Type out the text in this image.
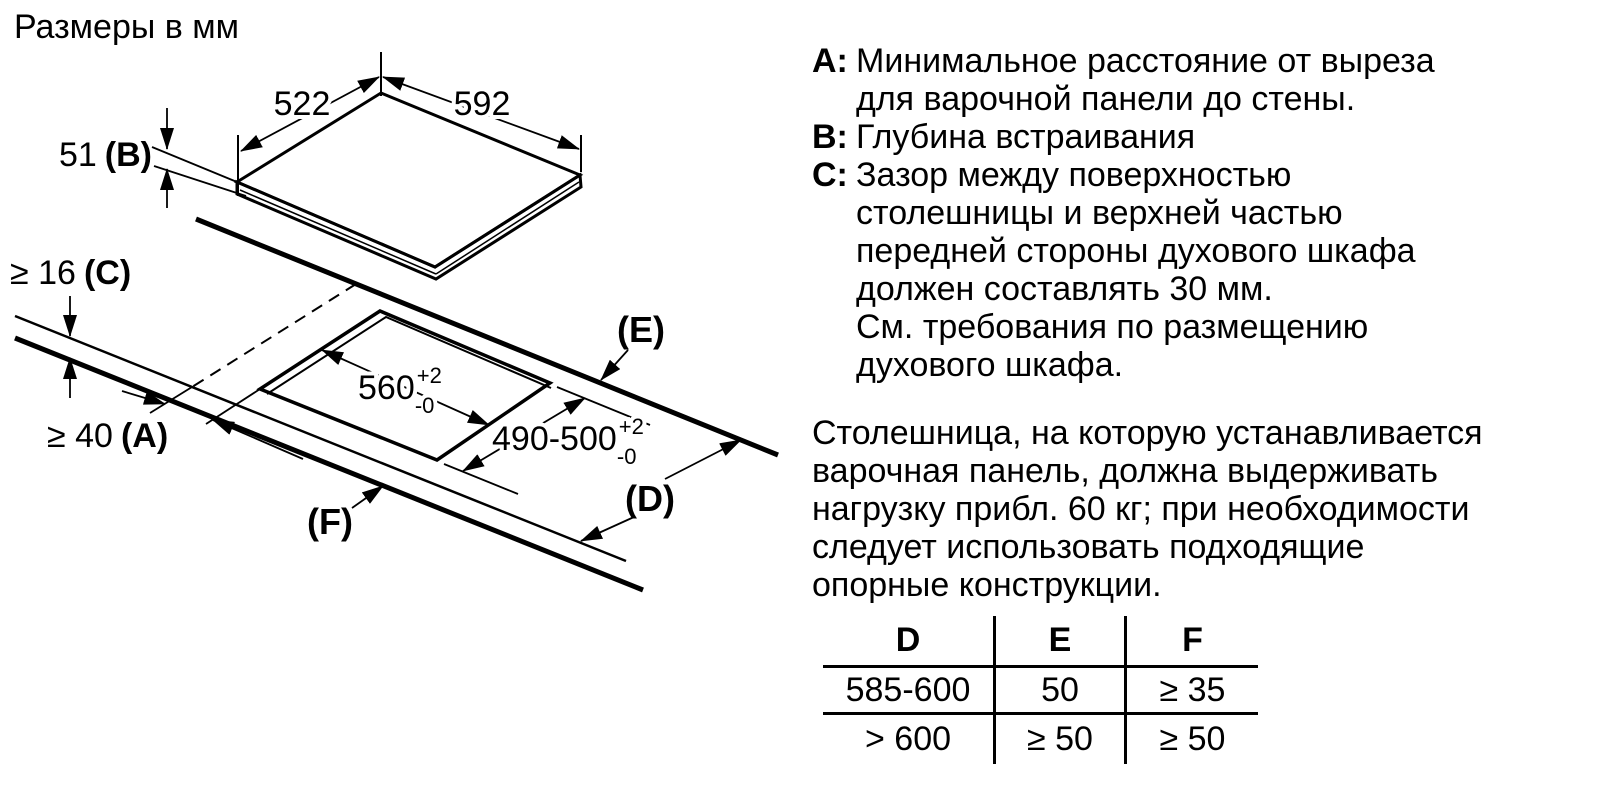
Размеры в мм
522	592
51 (B)
≥ 16 (C)
≥ 40 (A)
$560^{+2}$ -0
$490-500^{+2}$ -0
(E)
(D)
(F)
A: Минимальное расстояние от выреза
для варочной панели до стены.
B: Глубина встраивания
C: Зазор между поверхностью
столешницы и верхней частью
передней стороны духового шкафа
должен составлять 30 мм.
См. требования по размещению
духового шкафа.
Столешница, на которую устанавливается
варочная панель, должна выдерживать
нагрузку прибл. 60 кг; при необходимости
следует использовать подходящие
опорные конструкции.
D	E	F
585-600	50	≥ 35
> 600	≥ 50	≥ 50
